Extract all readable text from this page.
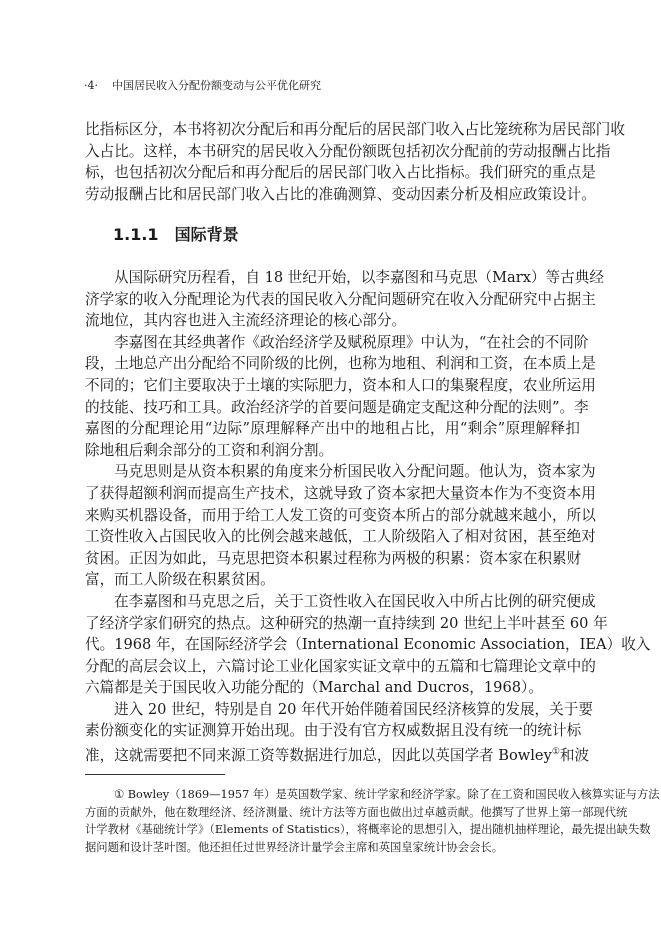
·4· 中国居民收入分配份额变动与公平优化研究
比指标区分，本书将初次分配后和再分配后的居民部门收入占比笼统称为居民部门收
入占比。这样，本书研究的居民收入分配份额既包括初次分配前的劳动报酬占比指
标，也包括初次分配后和再分配后的居民部门收入占比指标。我们研究的重点是
劳动报酬占比和居民部门收入占比的准确测算、变动因素分析及相应政策设计。
1.1.1 国际背景
从国际研究历程看，自 18 世纪开始，以李嘉图和马克思（Marx）等古典经
济学家的收入分配理论为代表的国民收入分配问题研究在收入分配研究中占据主
流地位，其内容也进入主流经济理论的核心部分。
李嘉图在其经典著作《政治经济学及赋税原理》中认为，“在社会的不同阶
段，土地总产出分配给不同阶级的比例，也称为地租、利润和工资，在本质上是
不同的；它们主要取决于土壤的实际肥力，资本和人口的集聚程度，农业所运用
的技能、技巧和工具。政治经济学的首要问题是确定支配这种分配的法则”。李
嘉图的分配理论用“边际”原理解释产出中的地租占比，用“剩余”原理解释扣
除地租后剩余部分的工资和利润分割。
马克思则是从资本积累的角度来分析国民收入分配问题。他认为，资本家为
了获得超额利润而提高生产技术，这就导致了资本家把大量资本作为不变资本用
来购买机器设备，而用于给工人发工资的可变资本所占的部分就越来越小，所以
工资性收入占国民收入的比例会越来越低，工人阶级陷入了相对贫困，甚至绝对
贫困。正因为如此，马克思把资本积累过程称为两极的积累：资本家在积累财
富，而工人阶级在积累贫困。
在李嘉图和马克思之后，关于工资性收入在国民收入中所占比例的研究便成
了经济学家们研究的热点。这种研究的热潮一直持续到 20 世纪上半叶甚至 60 年
代。1968 年，在国际经济学会（International Economic Association，IEA）收入
分配的高层会议上，六篇讨论工业化国家实证文章中的五篇和七篇理论文章中的
六篇都是关于国民收入功能分配的（Marchal and Ducros，1968）。
进入 20 世纪，特别是自 20 年代开始伴随着国民经济核算的发展，关于要
素份额变化的实证测算开始出现。由于没有官方权威数据且没有统一的统计标
准，这就需要把不同来源工资等数据进行加总，因此以英国学者 Bowley①和波
① Bowley（1869—1957 年）是英国数学家、统计学家和经济学家。除了在工资和国民收入核算实证与方法
方面的贡献外，他在数理经济、经济测量、统计方法等方面也做出过卓越贡献。他撰写了世界上第一部现代统
计学教材《基础统计学》（Elements of Statistics），将概率论的思想引入，提出随机抽样理论，最先提出缺失数
据问题和设计茎叶图。他还担任过世界经济计量学会主席和英国皇家统计协会会长。
